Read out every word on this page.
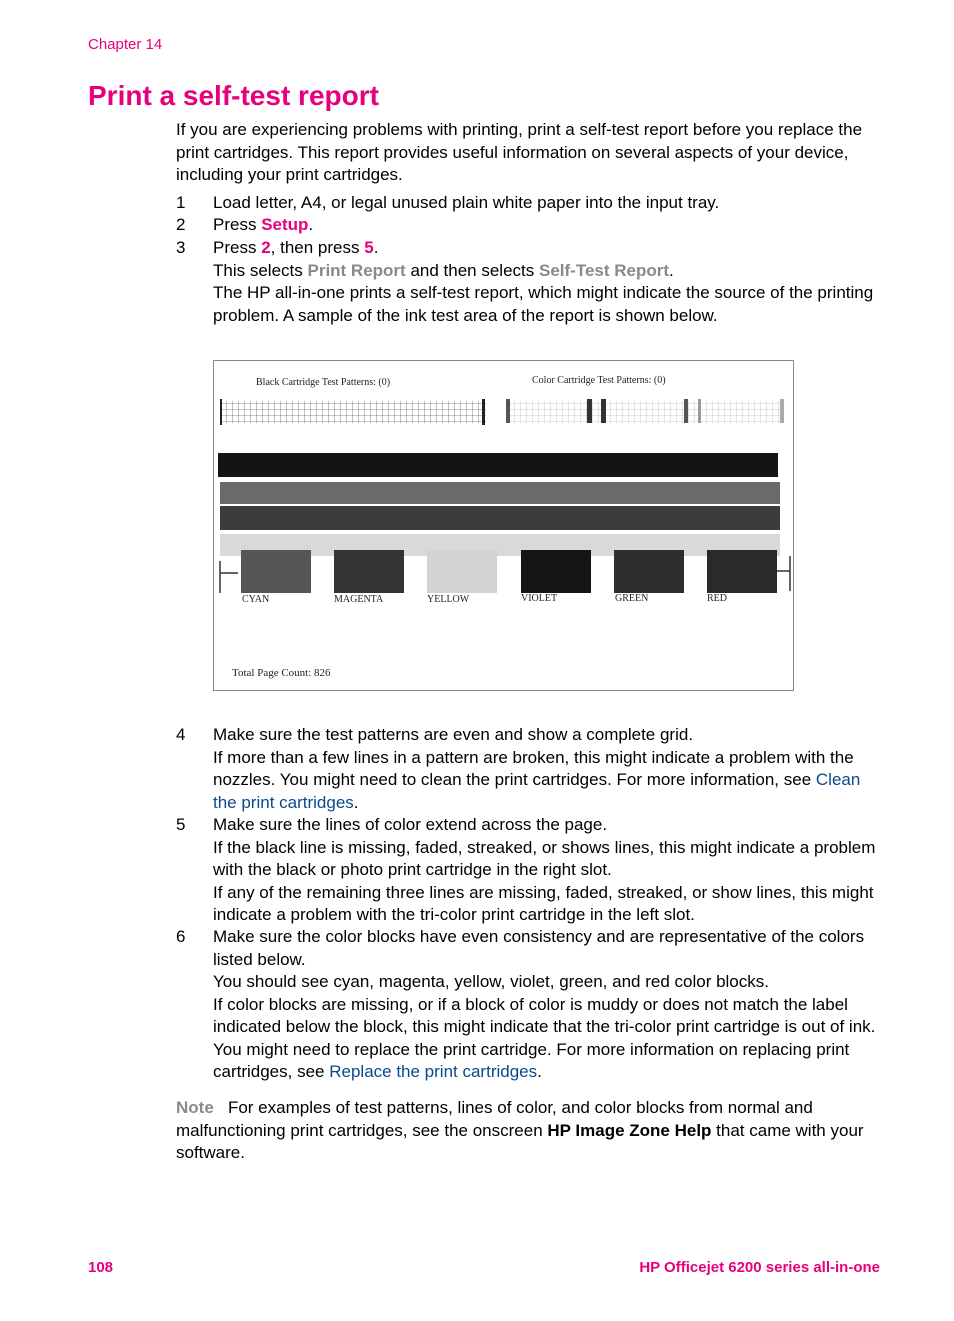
Chapter 14
Print a self-test report
If you are experiencing problems with printing, print a self-test report before you replace the print cartridges. This report provides useful information on several aspects of your device, including your print cartridges.
1	Load letter, A4, or legal unused plain white paper into the input tray.

2	Press Setup.

3	Press 2, then press 5.

This selects Print Report and then selects Self-Test Report.

The HP all-in-one prints a self-test report, which might indicate the source of the printing problem. A sample of the ink test area of the report is shown below.

Black Cartridge Test Patterns: (0)	Color Cartridge Test Patterns: (0)
CYAN	MAGENTA	YELLOW	VIOLET	GREEN	RED
Total Page Count: 826
4	Make sure the test patterns are even and show a complete grid.

If more than a few lines in a pattern are broken, this might indicate a problem with the nozzles. You might need to clean the print cartridges. For more information, see Clean the print cartridges.

5	Make sure the lines of color extend across the page.

If the black line is missing, faded, streaked, or shows lines, this might indicate a problem with the black or photo print cartridge in the right slot.

If any of the remaining three lines are missing, faded, streaked, or show lines, this might indicate a problem with the tri-color print cartridge in the left slot.

6	Make sure the color blocks have even consistency and are representative of the colors listed below.

You should see cyan, magenta, yellow, violet, green, and red color blocks.

If color blocks are missing, or if a block of color is muddy or does not match the label indicated below the block, this might indicate that the tri-color print cartridge is out of ink. You might need to replace the print cartridge. For more information on replacing print cartridges, see Replace the print cartridges.

Note For examples of test patterns, lines of color, and color blocks from normal and malfunctioning print cartridges, see the onscreen HP Image Zone Help that came with your software.
108	HP Officejet 6200 series all-in-one
